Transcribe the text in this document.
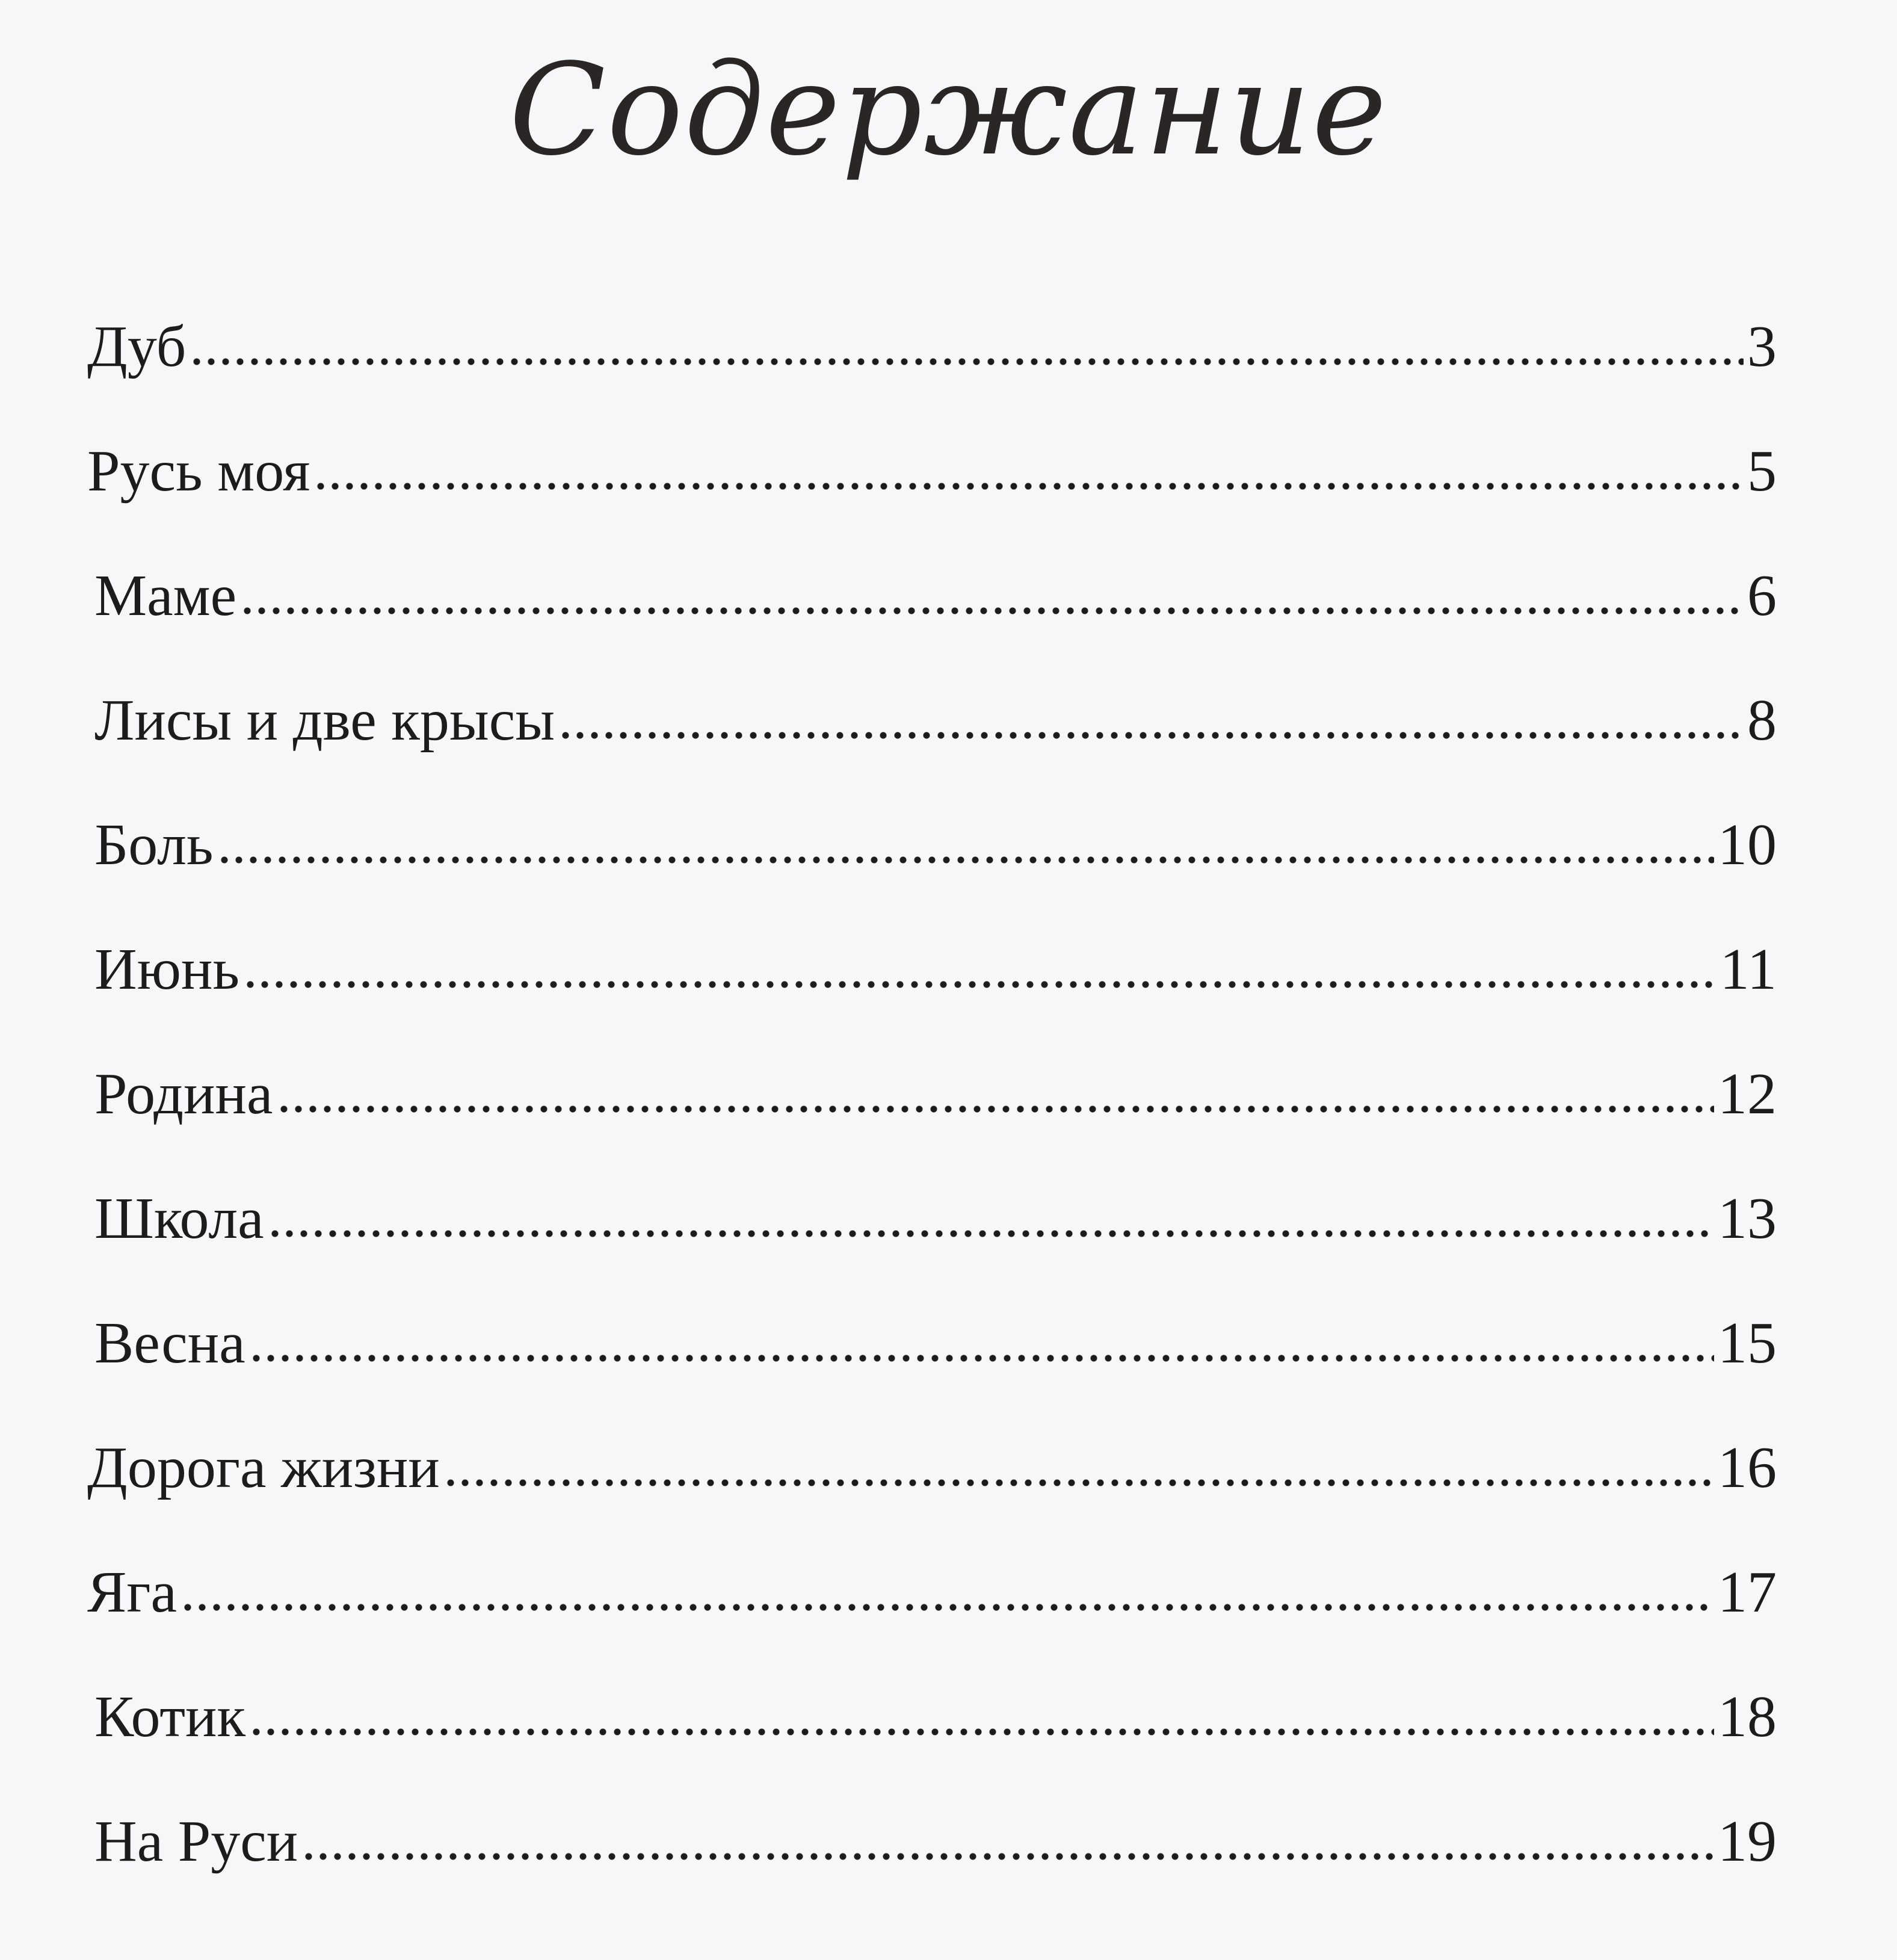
Содержание
Дуб	3
Русь моя	5
Маме	6
Лисы и две крысы	8
Боль	10
Июнь	11
Родина	12
Школа	13
Весна	15
Дорога жизни	16
Яга	17
Котик	18
На Руси	19
